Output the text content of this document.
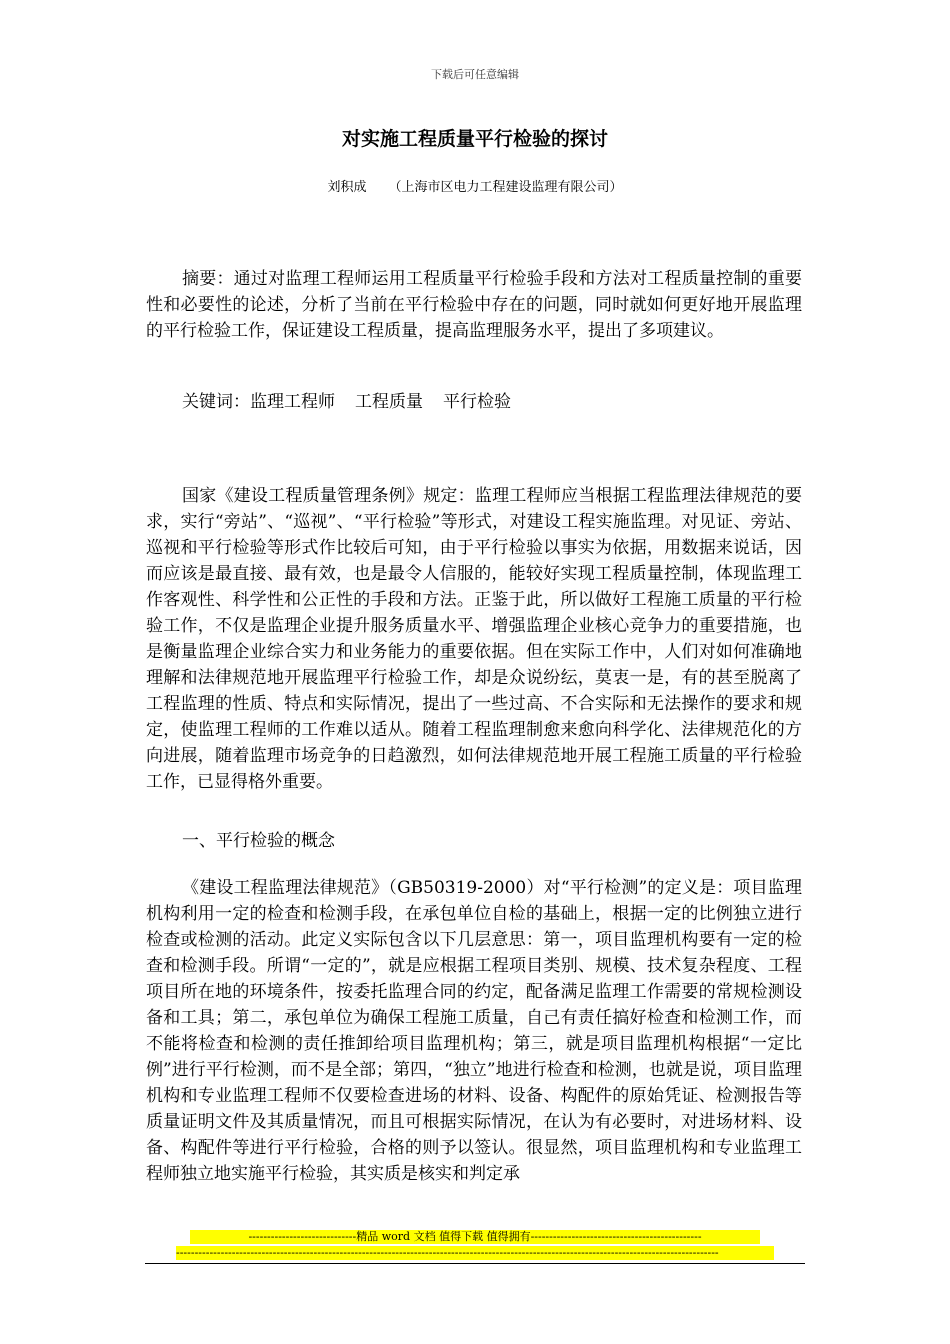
下载后可任意编辑
对实施工程质量平行检验的探讨
刘积成 （上海市区电力工程建设监理有限公司）

摘要：通过对监理工程师运用工程质量平行检验手段和方法对工程质量控制的重要性和必要性的论述，分析了当前在平行检验中存在的问题，同时就如何更好地开展监理的平行检验工作，保证建设工程质量，提高监理服务水平，提出了多项建议。

关键词：监理工程师 工程质量 平行检验

国家《建设工程质量管理条例》规定：监理工程师应当根据工程监理法律规范的要求，实行“旁站”、“巡视”、“平行检验”等形式，对建设工程实施监理。对见证、旁站、巡视和平行检验等形式作比较后可知，由于平行检验以事实为依据，用数据来说话，因而应该是最直接、最有效，也是最令人信服的，能较好实现工程质量控制，体现监理工作客观性、科学性和公正性的手段和方法。正鉴于此，所以做好工程施工质量的平行检验工作，不仅是监理企业提升服务质量水平、增强监理企业核心竞争力的重要措施，也是衡量监理企业综合实力和业务能力的重要依据。但在实际工作中，人们对如何准确地理解和法律规范地开展监理平行检验工作，却是众说纷纭，莫衷一是，有的甚至脱离了工程监理的性质、特点和实际情况，提出了一些过高、不合实际和无法操作的要求和规定，使监理工程师的工作难以适从。随着工程监理制愈来愈向科学化、法律规范化的方向进展，随着监理市场竞争的日趋激烈，如何法律规范地开展工程施工质量的平行检验工作，已显得格外重要。

一、平行检验的概念

《建设工程监理法律规范》（GB50319-2000）对“平行检测”的定义是：项目监理机构利用一定的检查和检测手段，在承包单位自检的基础上，根据一定的比例独立进行检查或检测的活动。此定义实际包含以下几层意思：第一，项目监理机构要有一定的检查和检测手段。所谓“一定的”，就是应根据工程项目类别、规模、技术复杂程度、工程项目所在地的环境条件，按委托监理合同的约定，配备满足监理工作需要的常规检测设备和工具；第二，承包单位为确保工程施工质量，自己有责任搞好检查和检测工作，而不能将检查和检测的责任推卸给项目监理机构；第三，就是项目监理机构根据“一定比例”进行平行检测，而不是全部；第四，“独立”地进行检查和检测，也就是说，项目监理机构和专业监理工程师不仅要检查进场的材料、设备、构配件的原始凭证、检测报告等质量证明文件及其质量情况，而且可根据实际情况，在认为有必要时，对进场材料、设备、构配件等进行平行检验，合格的则予以签认。很显然，项目监理机构和专业监理工程师独立地实施平行检验，其实质是核实和判定承

-----------------------------精品 word 文档 值得下载 值得拥有----------------------------------------------
--------------------------------------------------------------------------------------------------------------------------------------------------
